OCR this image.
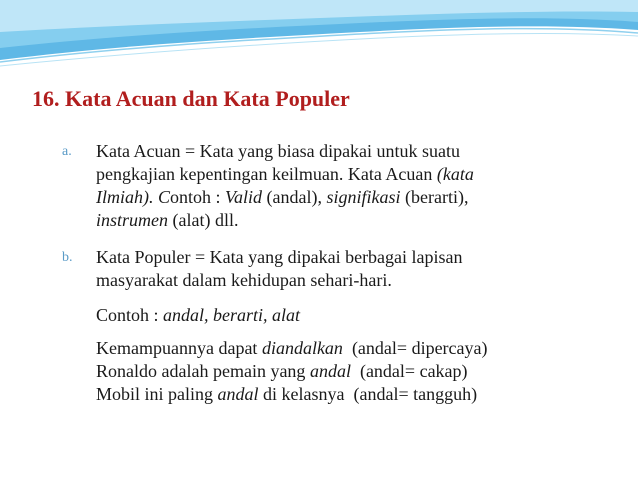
16. Kata Acuan dan Kata Populer
a. Kata Acuan = Kata yang biasa dipakai untuk suatu
pengkajian kepentingan keilmuan. Kata Acuan (kata
Ilmiah). Contoh : Valid (andal), signifikasi (berarti),
instrumen (alat) dll.
b. Kata Populer = Kata yang dipakai berbagai lapisan
masyarakat dalam kehidupan sehari-hari.
Contoh : andal, berarti, alat
Kemampuannya dapat diandalkan  (andal= dipercaya)
Ronaldo adalah pemain yang andal  (andal= cakap)
Mobil ini paling andal di kelasnya  (andal= tangguh)
